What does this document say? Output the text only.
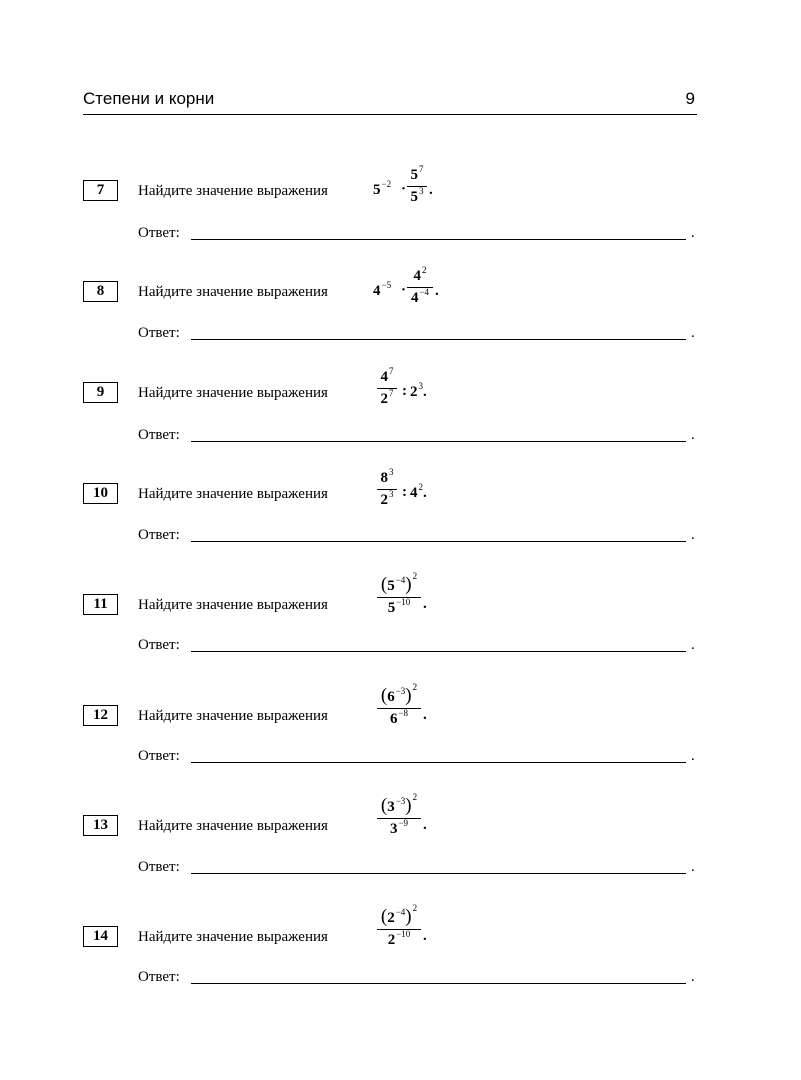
Степени и корни	9
7	Найдите значение выражения	$5^{-2}$ ·
$5^7$
$5^3$ .
Ответ:	.
8	Найдите значение выражения	$4^{-5}$ ·
$4^2$
$4^{-4}$ .
Ответ:	.
9	Найдите значение выражения
$4^7$
$2^7$ : $2^3$.
Ответ:	.
10	Найдите значение выражения
$8^3$
$2^3$ : $4^2$.
Ответ:	.
11	Найдите значение выражения
$(5^{-4})^2$
$5^{-10}$ .
Ответ:	.
12	Найдите значение выражения
$(6^{-3})^2$
$6^{-8}$ .
Ответ:	.
13	Найдите значение выражения
$(3^{-3})^2$
$3^{-9}$ .
Ответ:	.
14	Найдите значение выражения
$(2^{-4})^2$
$2^{-10}$ .
Ответ:	.
